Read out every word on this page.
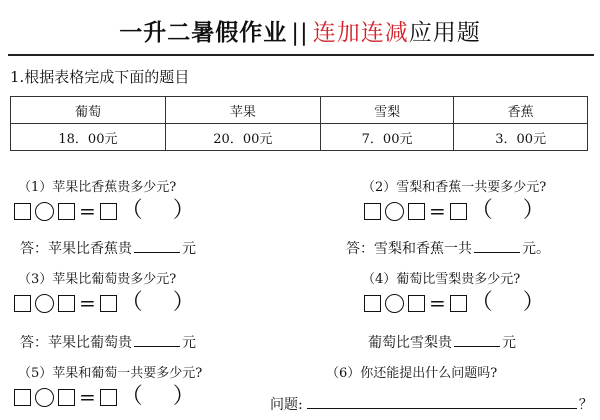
一升二暑假作业 || 连加连减应用题
1.根据表格完成下面的题目
葡萄	苹果	雪梨	香蕉
18．00元	20．00元	7．00元	3．00元
（1）苹果比香蕉贵多少元?
= （ ）
答：苹果比香蕉贵	元
（2）雪梨和香蕉一共要多少元?
= （ ）
答：雪梨和香蕉一共	元。
（3）苹果比葡萄贵多少元?
= （ ）
答：苹果比葡萄贵	元
（4）葡萄比雪梨贵多少元?
= （ ）
葡萄比雪梨贵	元
（5）苹果和葡萄一共要多少元?
= （ ）
（6）你还能提出什么问题吗?
问题:	？
